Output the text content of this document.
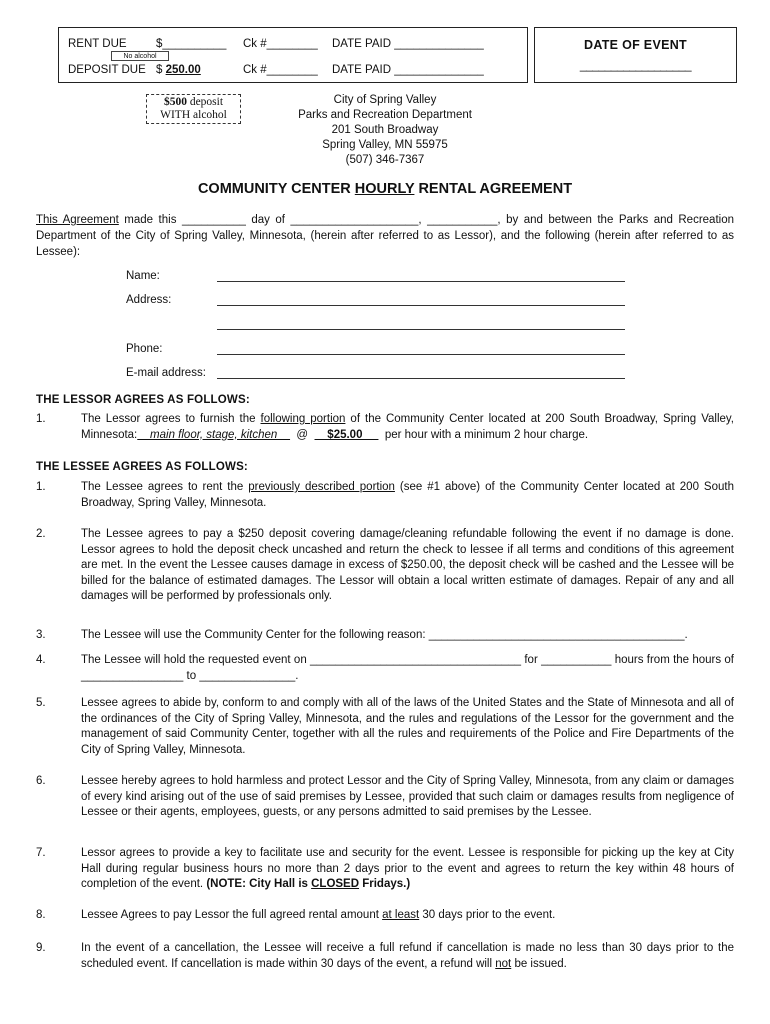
RENT DUE	$__________ Ck #________ DATE PAID ______________
DEPOSIT DUE $ 250.00	Ck #________ DATE PAID ______________
No alcohol
DATE OF EVENT
__________________
$500 deposit
WITH alcohol
City of Spring Valley
Parks and Recreation Department
201 South Broadway
Spring Valley, MN 55975
(507) 346-7367
COMMUNITY CENTER HOURLY RENTAL AGREEMENT
This Agreement made this __________ day of ____________________, ___________, by and between the Parks and Recreation Department of the City of Spring Valley, Minnesota, (herein after referred to as Lessor), and the following (herein after referred to as Lessee):
Name:
Address:
Phone:
E-mail address:
THE LESSOR AGREES AS FOLLOWS:
1.	The Lessor agrees to furnish the following portion of the Community Center located at 200 South Broadway, Spring Valley, Minnesota:    main floor, stage, kitchen      @      $25.00       per hour with a minimum 2 hour charge.
THE LESSEE AGREES AS FOLLOWS:
1.	The Lessee agrees to rent the previously described portion (see #1 above) of the Community Center located at 200 South Broadway, Spring Valley, Minnesota.
2.	The Lessee agrees to pay a $250 deposit covering damage/cleaning refundable following the event if no damage is done. Lessor agrees to hold the deposit check uncashed and return the check to lessee if all terms and conditions of this agreement are met. In the event the Lessee causes damage in excess of $250.00, the deposit check will be cashed and the Lessee will be billed for the balance of estimated damages. The Lessor will obtain a local written estimate of damages. Repair of any and all damages will be performed by professionals only.
3.	The Lessee will use the Community Center for the following reason: ________________________________________.
4.	The Lessee will hold the requested event on _________________________________ for ___________ hours from the hours of ________________ to _______________.
5.	Lessee agrees to abide by, conform to and comply with all of the laws of the United States and the State of Minnesota and all of the ordinances of the City of Spring Valley, Minnesota, and the rules and regulations of the Lessor for the government and the management of said Community Center, together with all the rules and requirements of the Police and Fire Departments of the City of Spring Valley, Minnesota.
6.	Lessee hereby agrees to hold harmless and protect Lessor and the City of Spring Valley, Minnesota, from any claim or damages of every kind arising out of the use of said premises by Lessee, provided that such claim or damages results from negligence of Lessee or their agents, employees, guests, or any persons admitted to said premises by the Lessee.
7.	Lessor agrees to provide a key to facilitate use and security for the event. Lessee is responsible for picking up the key at City Hall during regular business hours no more than 2 days prior to the event and agrees to return the key within 48 hours of completion of the event. (NOTE: City Hall is CLOSED Fridays.)
8.	Lessee Agrees to pay Lessor the full agreed rental amount at least 30 days prior to the event.
9.	In the event of a cancellation, the Lessee will receive a full refund if cancellation is made no less than 30 days prior to the scheduled event. If cancellation is made within 30 days of the event, a refund will not be issued.
